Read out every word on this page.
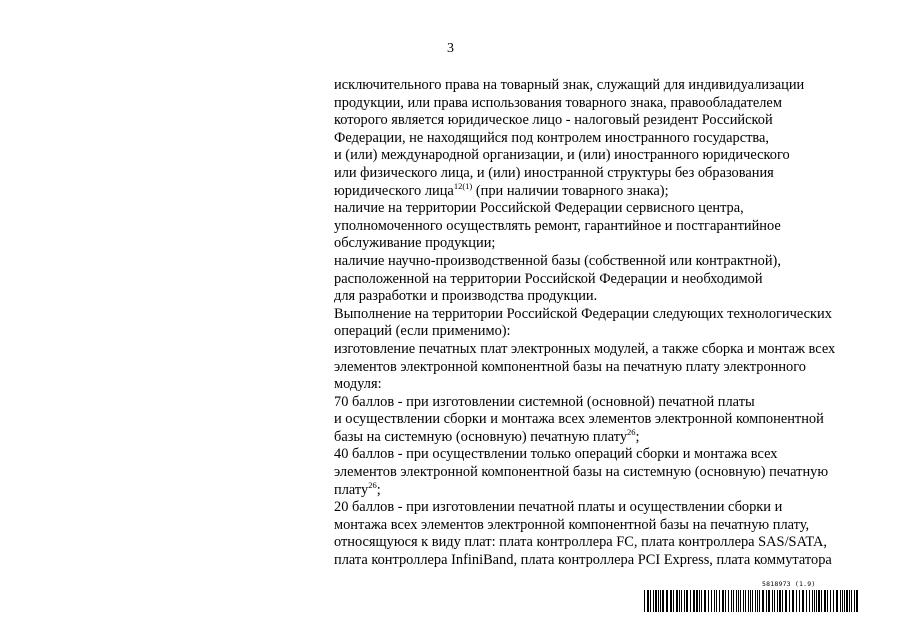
3
исключительного права на товарный знак, служащий для индивидуализации
продукции, или права использования товарного знака, правообладателем
которого является юридическое лицо - налоговый резидент Российской
Федерации, не находящийся под контролем иностранного государства,
и (или) международной организации, и (или) иностранного юридического
или физического лица, и (или) иностранной структуры без образования
юридического лица$^{12(1)}$ (при наличии товарного знака);
наличие на территории Российской Федерации сервисного центра,
уполномоченного осуществлять ремонт, гарантийное и постгарантийное
обслуживание продукции;
наличие научно-производственной базы (собственной или контрактной),
расположенной на территории Российской Федерации и необходимой
для разработки и производства продукции.
Выполнение на территории Российской Федерации следующих технологических
операций (если применимо):
изготовление печатных плат электронных модулей, а также сборка и монтаж всех
элементов электронной компонентной базы на печатную плату электронного
модуля:
70 баллов - при изготовлении системной (основной) печатной платы
и осуществлении сборки и монтажа всех элементов электронной компонентной
базы на системную (основную) печатную плату$^{26}$;
40 баллов - при осуществлении только операций сборки и монтажа всех
элементов электронной компонентной базы на системную (основную) печатную
плату$^{26}$;
20 баллов - при изготовлении печатной платы и осуществлении сборки и
монтажа всех элементов электронной компонентной базы на печатную плату,
относящуюся к виду плат: плата контроллера FC, плата контроллера SAS/SATA,
плата контроллера InfiniBand, плата контроллера PCI Express, плата коммутатора
5818973 (1.9)
